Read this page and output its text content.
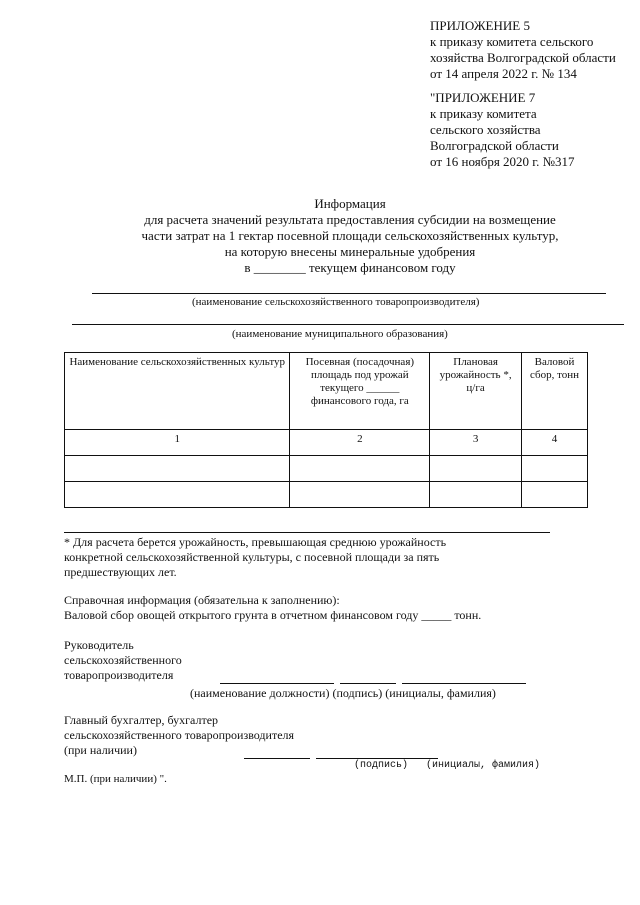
ПРИЛОЖЕНИЕ 5
к приказу комитета сельского
хозяйства Волгоградской области
от 14 апреля 2022 г. № 134
"ПРИЛОЖЕНИЕ 7
к приказу комитета
сельского хозяйства
Волгоградской области
от 16 ноября 2020 г. №317
Информация
для расчета значений результата предоставления субсидии на возмещение
части затрат на 1 гектар посевной площади сельскохозяйственных культур,
на которую внесены минеральные удобрения
в ________ текущем финансовом году
(наименование сельскохозяйственного товаропроизводителя)
(наименование муниципального образования)
Наименование сельскохозяйственных культур	Посевная (посадочная) площадь под урожай текущего ______ финансового года, га	Плановая урожайность *, ц/га	Валовой сбор, тонн
1	2	3	4

* Для расчета берется урожайность, превышающая среднюю урожайность
конкретной сельскохозяйственной культуры, с посевной площади за пять
предшествующих лет.
Справочная информация (обязательна к заполнению):
Валовой сбор овощей открытого грунта в отчетном финансовом году _____ тонн.
Руководитель
сельскохозяйственного
товаропроизводителя
(наименование должности) (подпись) (инициалы, фамилия)
Главный бухгалтер, бухгалтер
сельскохозяйственного товаропроизводителя
(при наличии)
(подпись) (инициалы, фамилия)
М.П. (при наличии) ".
